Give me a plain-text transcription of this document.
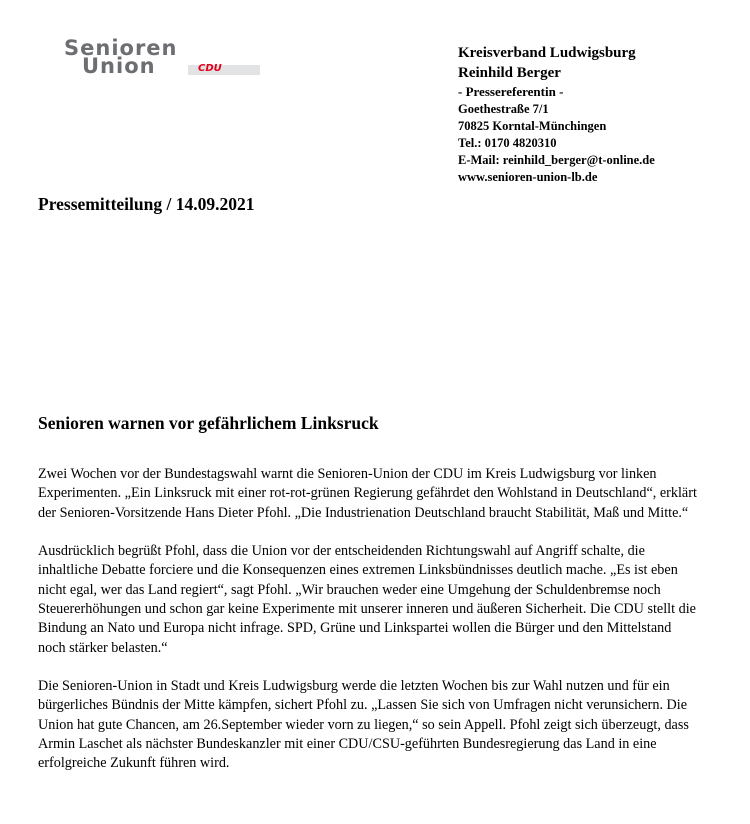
Senioren
Union	CDU
Kreisverband Ludwigsburg
Reinhild Berger
- Pressereferentin -
Goethestraße 7/1
70825 Korntal-Münchingen
Tel.: 0170 4820310
E-Mail: reinhild_berger@t-online.de
www.senioren-union-lb.de
Pressemitteilung / 14.09.2021
Senioren warnen vor gefährlichem Linksruck

Zwei Wochen vor der Bundestagswahl warnt die Senioren-Union der CDU im Kreis Ludwigsburg vor linken Experimenten. „Ein Linksruck mit einer rot-rot-grünen Regierung gefährdet den Wohlstand in Deutschland“, erklärt der Senioren-Vorsitzende Hans Dieter Pfohl. „Die Industrienation Deutschland braucht Stabilität, Maß und Mitte.“

Ausdrücklich begrüßt Pfohl, dass die Union vor der entscheidenden Richtungswahl auf Angriff schalte, die inhaltliche Debatte forciere und die Konsequenzen eines extremen Linksbündnisses deutlich mache. „Es ist eben nicht egal, wer das Land regiert“, sagt Pfohl. „Wir brauchen weder eine Umgehung der Schuldenbremse noch Steuererhöhungen und schon gar keine Experimente mit unserer inneren und äußeren Sicherheit. Die CDU stellt die Bindung an Nato und Europa nicht infrage. SPD, Grüne und Linkspartei wollen die Bürger und den Mittelstand noch stärker belasten.“

Die Senioren-Union in Stadt und Kreis Ludwigsburg werde die letzten Wochen bis zur Wahl nutzen und für ein bürgerliches Bündnis der Mitte kämpfen, sichert Pfohl zu. „Lassen Sie sich von Umfragen nicht verunsichern. Die Union hat gute Chancen, am 26.September wieder vorn zu liegen,“ so sein Appell. Pfohl zeigt sich überzeugt, dass Armin Laschet als nächster Bundeskanzler mit einer CDU/CSU-geführten Bundesregierung das Land in eine erfolgreiche Zukunft führen wird.
